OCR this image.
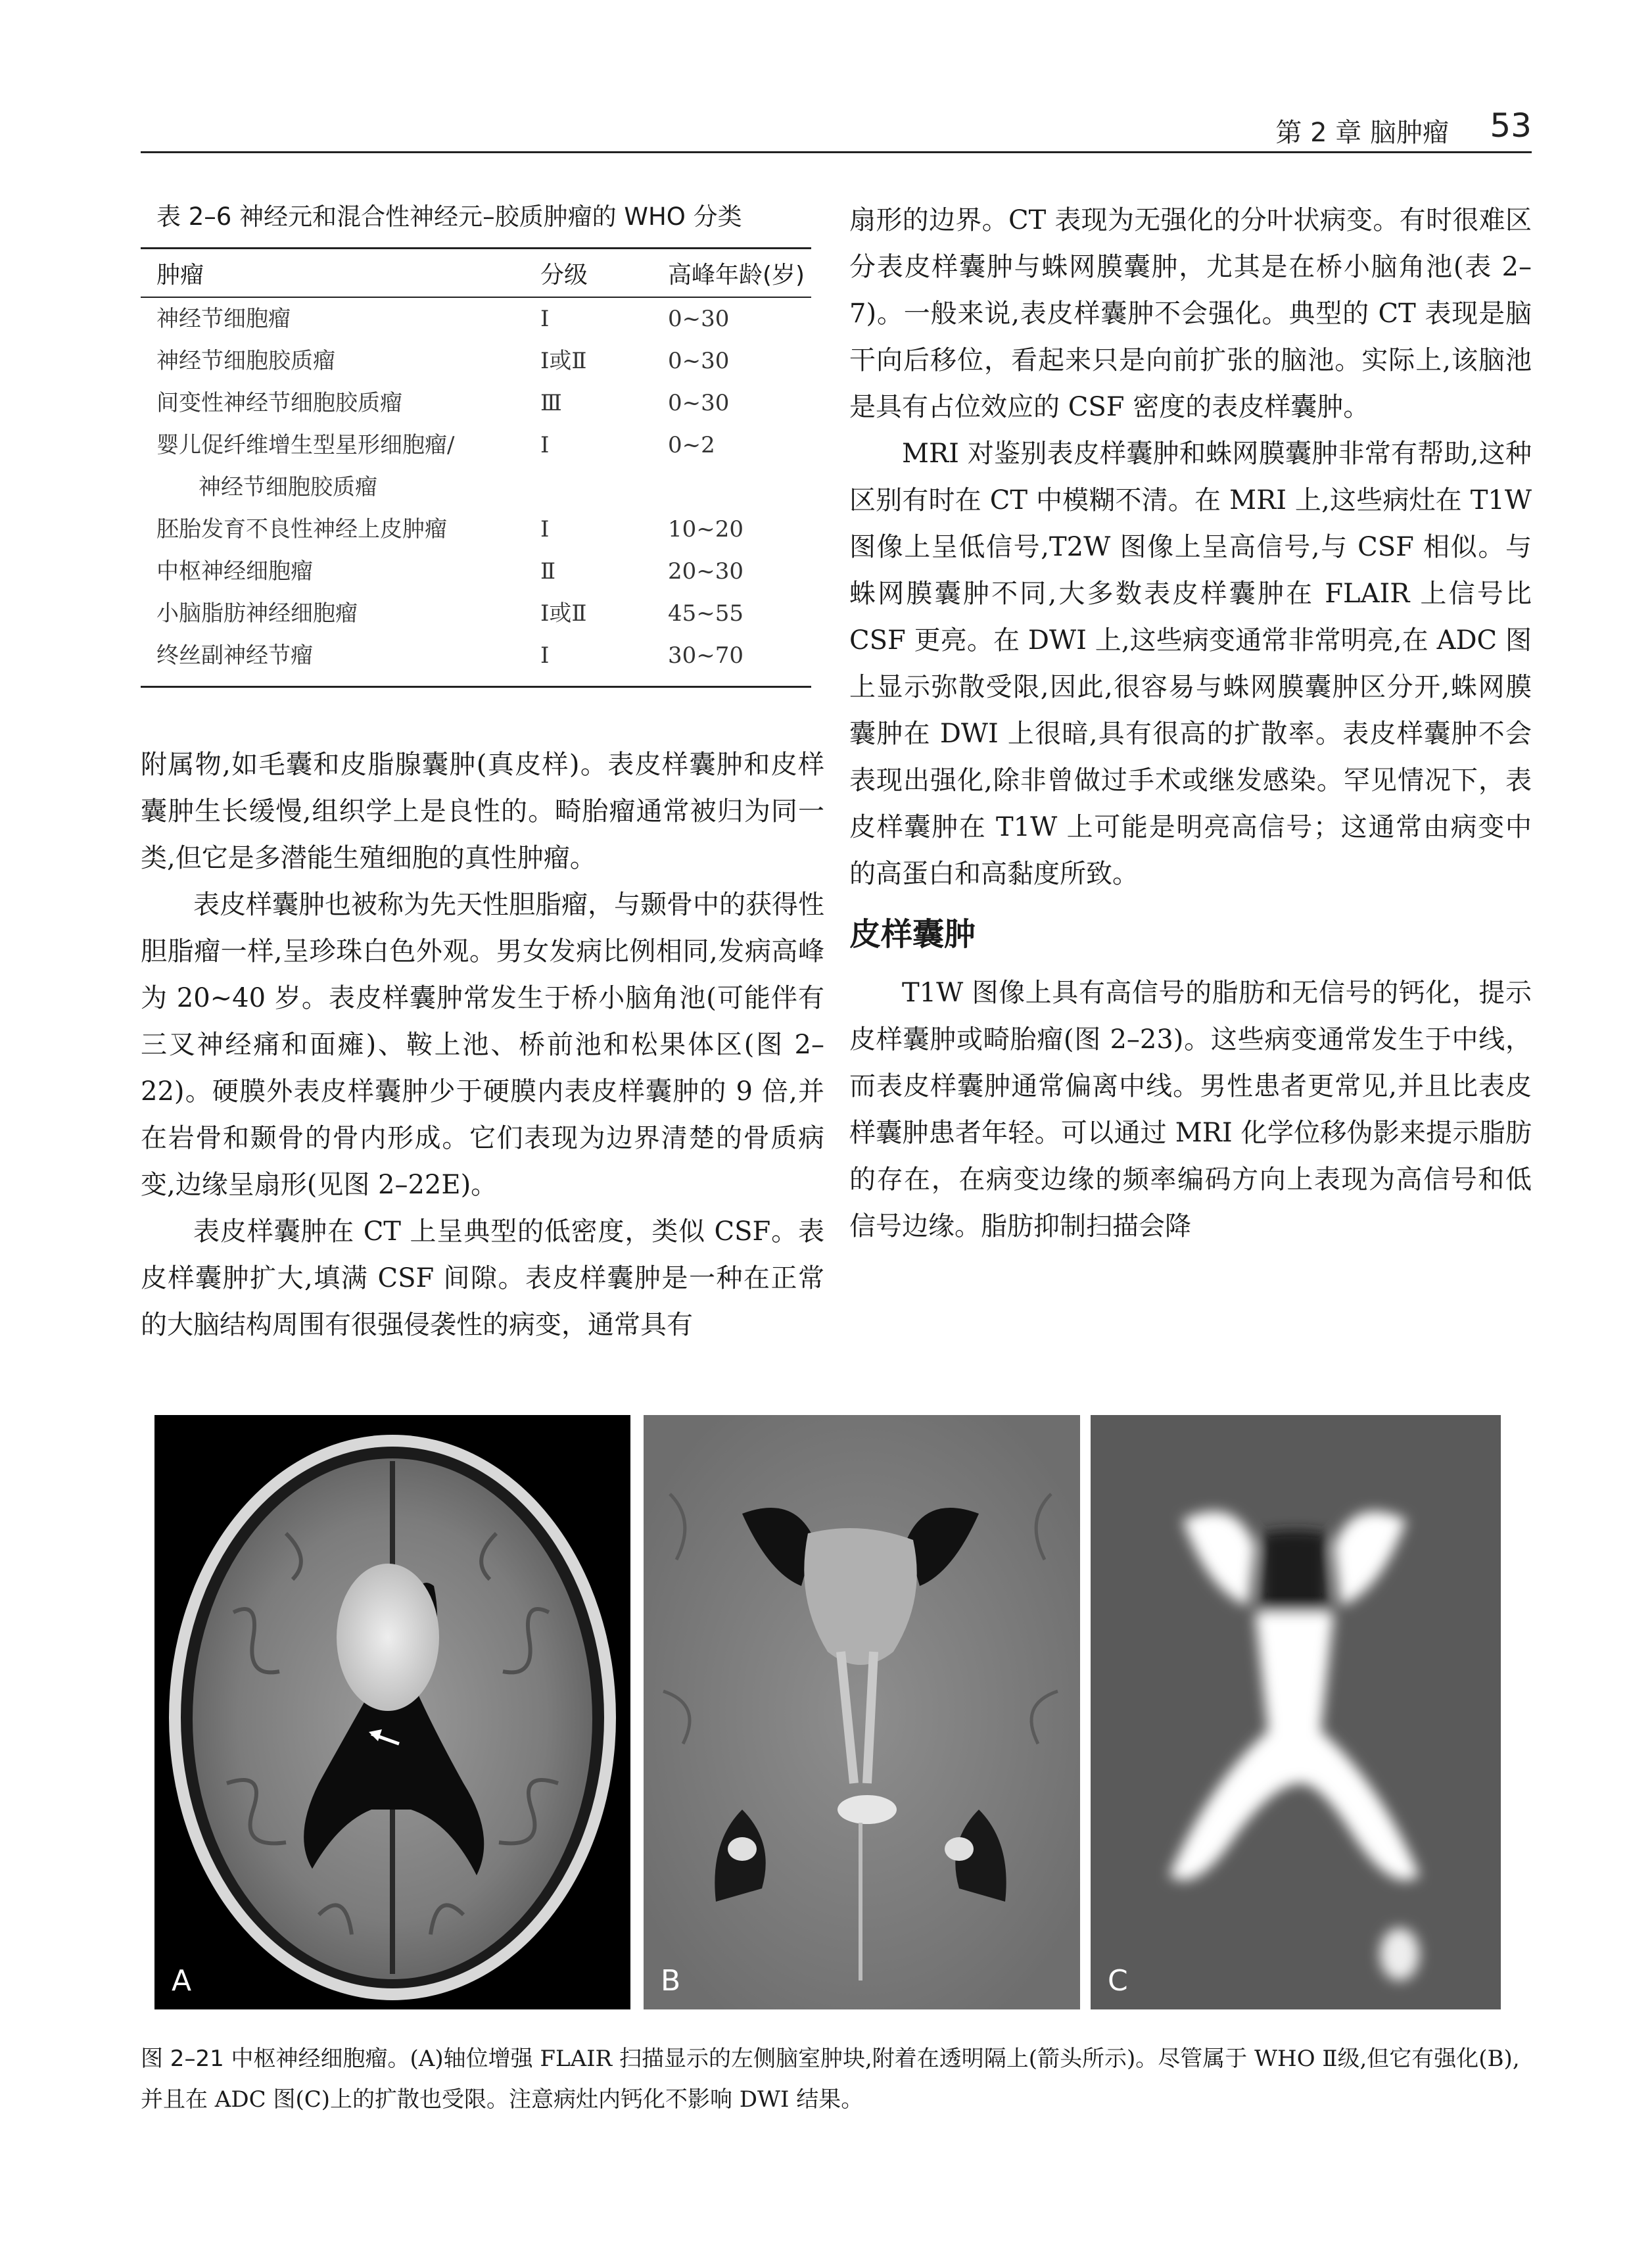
第 2 章 脑肿瘤 53
表 2–6 神经元和混合性神经元–胶质肿瘤的 WHO 分类
肿瘤	分级	高峰年龄(岁)
神经节细胞瘤	Ⅰ	0~30
神经节细胞胶质瘤	Ⅰ或Ⅱ	0~30
间变性神经节细胞胶质瘤	Ⅲ	0~30
婴儿促纤维增生型星形细胞瘤/
神经节细胞胶质瘤	Ⅰ	0~2
胚胎发育不良性神经上皮肿瘤	Ⅰ	10~20
中枢神经细胞瘤	Ⅱ	20~30
小脑脂肪神经细胞瘤	Ⅰ或Ⅱ	45~55
终丝副神经节瘤	Ⅰ	30~70

附属物,如毛囊和皮脂腺囊肿(真皮样)。表皮样囊肿和皮样囊肿生长缓慢,组织学上是良性的。畸胎瘤通常被归为同一类,但它是多潜能生殖细胞的真性肿瘤。

表皮样囊肿也被称为先天性胆脂瘤，与颞骨中的获得性胆脂瘤一样,呈珍珠白色外观。男女发病比例相同,发病高峰为 20~40 岁。表皮样囊肿常发生于桥小脑角池(可能伴有三叉神经痛和面瘫)、鞍上池、桥前池和松果体区(图 2–22)。硬膜外表皮样囊肿少于硬膜内表皮样囊肿的 9 倍,并在岩骨和颞骨的骨内形成。它们表现为边界清楚的骨质病变,边缘呈扇形(见图 2–22E)。

表皮样囊肿在 CT 上呈典型的低密度，类似 CSF。表皮样囊肿扩大,填满 CSF 间隙。表皮样囊肿是一种在正常的大脑结构周围有很强侵袭性的病变，通常具有

扇形的边界。CT 表现为无强化的分叶状病变。有时很难区分表皮样囊肿与蛛网膜囊肿，尤其是在桥小脑角池(表 2–7)。一般来说,表皮样囊肿不会强化。典型的 CT 表现是脑干向后移位，看起来只是向前扩张的脑池。实际上,该脑池是具有占位效应的 CSF 密度的表皮样囊肿。

MRI 对鉴别表皮样囊肿和蛛网膜囊肿非常有帮助,这种区别有时在 CT 中模糊不清。在 MRI 上,这些病灶在 T1W 图像上呈低信号,T2W 图像上呈高信号,与 CSF 相似。与蛛网膜囊肿不同,大多数表皮样囊肿在 FLAIR 上信号比 CSF 更亮。在 DWI 上,这些病变通常非常明亮,在 ADC 图上显示弥散受限,因此,很容易与蛛网膜囊肿区分开,蛛网膜囊肿在 DWI 上很暗,具有很高的扩散率。表皮样囊肿不会表现出强化,除非曾做过手术或继发感染。罕见情况下，表皮样囊肿在 T1W 上可能是明亮高信号；这通常由病变中的高蛋白和高黏度所致。

皮样囊肿

T1W 图像上具有高信号的脂肪和无信号的钙化，提示皮样囊肿或畸胎瘤(图 2–23)。这些病变通常发生于中线，而表皮样囊肿通常偏离中线。男性患者更常见,并且比表皮样囊肿患者年轻。可以通过 MRI 化学位移伪影来提示脂肪的存在，在病变边缘的频率编码方向上表现为高信号和低信号边缘。脂肪抑制扫描会降

A	B	C
图 2–21 中枢神经细胞瘤。(A)轴位增强 FLAIR 扫描显示的左侧脑室肿块,附着在透明隔上(箭头所示)。尽管属于 WHO Ⅱ级,但它有强化(B),并且在 ADC 图(C)上的扩散也受限。注意病灶内钙化不影响 DWI 结果。
